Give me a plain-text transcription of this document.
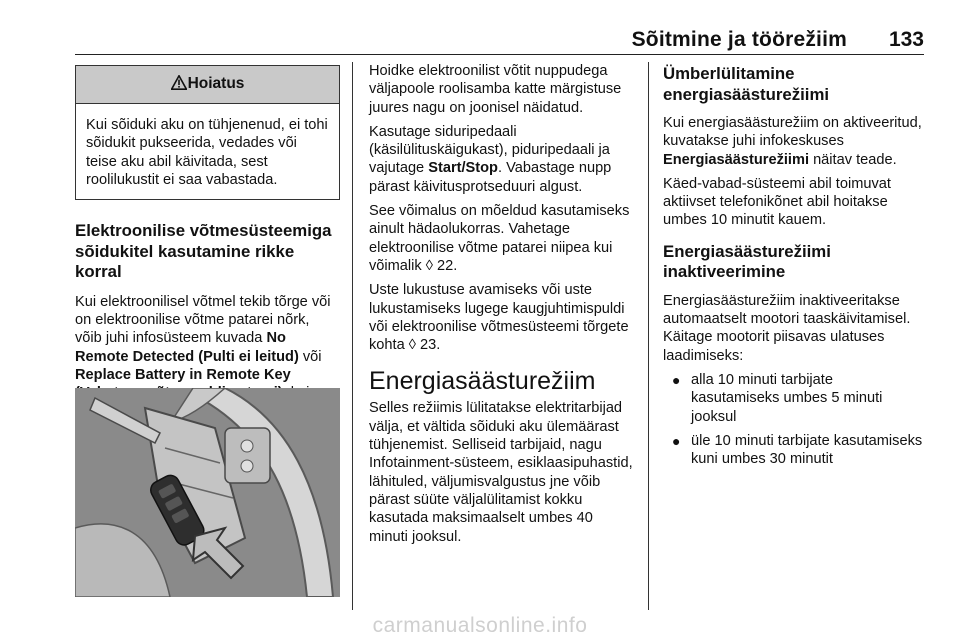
Sõitmine ja töörežiim 133
Hoiatus
Kui sõiduki aku on tühjenenud, ei tohi sõidukit pukseerida, vedades või teise aku abil käivitada, sest roolilukustit ei saa vabastada.
Elektroonilise võtmesüsteemiga sõidukitel kasutamine rikke korral

Kui elektroonilisel võtmel tekib tõrge või on elektroonilise võtme patarei nõrk, võib juhi infosüsteem kuvada No Remote Detected (Pulti ei leitud) või Replace Battery in Remote Key

Hoidke elektroonilist võtit nuppudega väljapoole roolisamba katte märgistuse juures nagu on joonisel näidatud.

Kasutage siduripedaali (käsilülituskäigukast), piduripedaali ja vajutage Start/Stop. Vabastage nupp pärast käivitusprotseduuri algust.

See võimalus on mõeldud kasutamiseks ainult hädaolukorras. Vahetage elektroonilise võtme patarei niipea kui võimalik ◊ 22.

Uste lukustuse avamiseks või uste lukustamiseks lugege kaugjuhtimispuldi või elektroonilise võtmesüsteemi tõrgete kohta ◊ 23.

Energiasäästurežiim

Selles režiimis lülitatakse elektritarbijad välja, et vältida sõiduki aku ülemäärast tühjenemist. Selliseid tarbijaid, nagu Infotainment-süsteem, esiklaasipuhastid, lähituled, väljumisvalgustus jne võib pärast süüte väljalülitamist kokku kasutada maksimaalselt umbes 40 minuti jooksul.

Ümberlülitamine energiasäästurežiimi

Kui energiasäästurežiim on aktiveeritud, kuvatakse juhi infokeskuses Energiasäästurežiimi näitav teade.

Käed-vabad-süsteemi abil toimuvat aktiivset telefonikõnet abil hoitakse umbes 10 minutit kauem.

Energiasäästurežiimi inaktiveerimine

Energiasäästurežiim inaktiveeritakse automaatselt mootori taaskäivitamisel. Käitage mootorit piisavas ulatuses laadimiseks:

● alla 10 minuti tarbijate kasutamiseks umbes 5 minuti jooksul
● üle 10 minuti tarbijate kasutamiseks kuni umbes 30 minutit
carmanualsonline.info
